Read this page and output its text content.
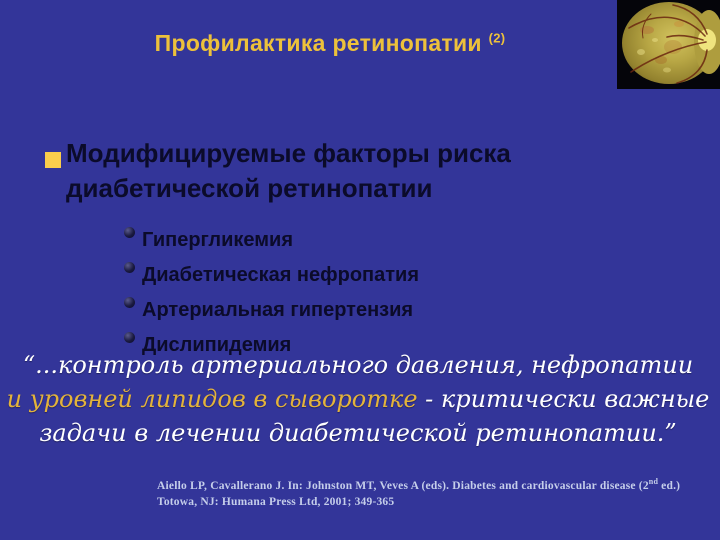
Профилактика ретинопатии $^{(2)}$
Модифицируемые факторы риска
диабетической ретинопатии
Гипергликемия
Диабетическая нефропатия
Артериальная гипертензия
Дислипидемия
“...контроль артериального давления, нефропатии
и уровней липидов в сыворотке - критически важные
задачи в лечении диабетической ретинопатии.”
Aiello LP, Cavallerano J. In: Johnston MT, Veves A (eds). Diabetes and cardiovascular disease (2nd ed.)
Totowa, NJ: Humana Press Ltd, 2001; 349-365
